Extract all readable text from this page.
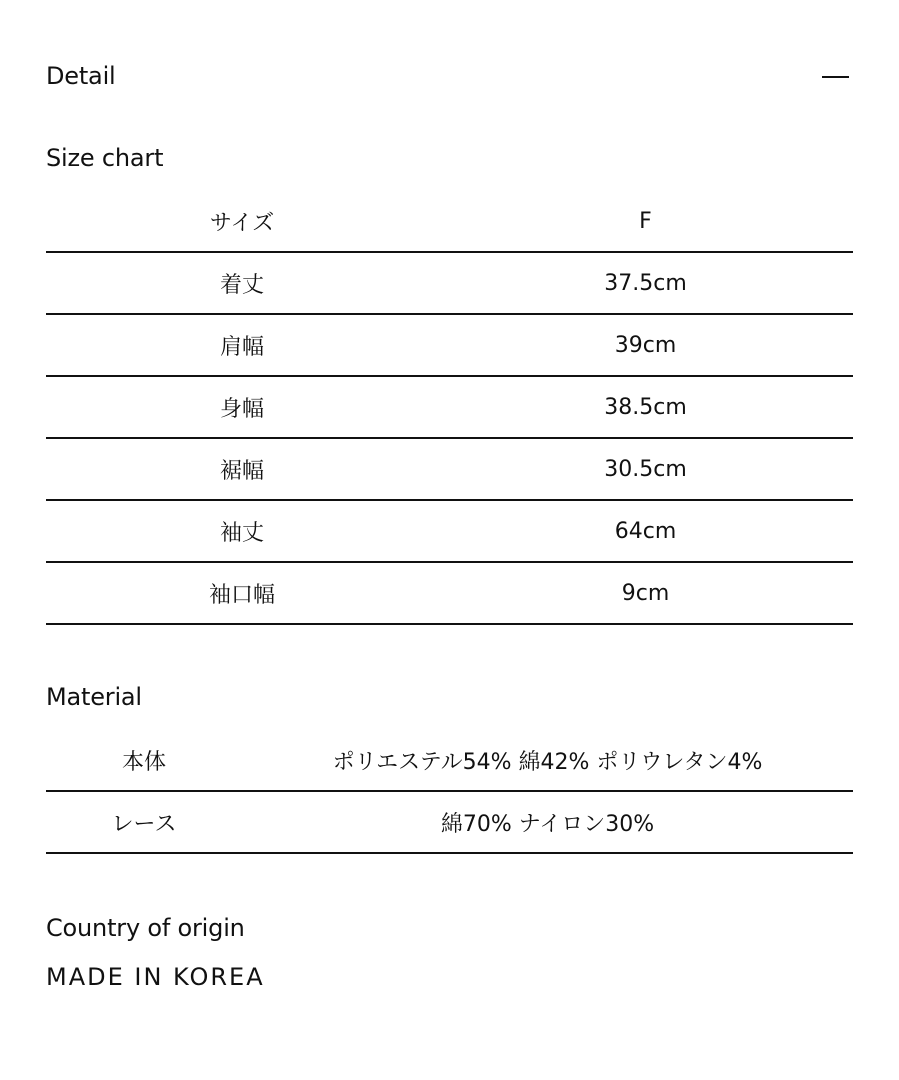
Detail
Size chart
サイズ	F
着丈	37.5cm
肩幅	39cm
身幅	38.5cm
裾幅	30.5cm
袖丈	64cm
袖口幅	9cm
Material
本体	ポリエステル54% 綿42% ポリウレタン4%
レース	綿70% ナイロン30%
Country of origin
MADE IN KOREA
